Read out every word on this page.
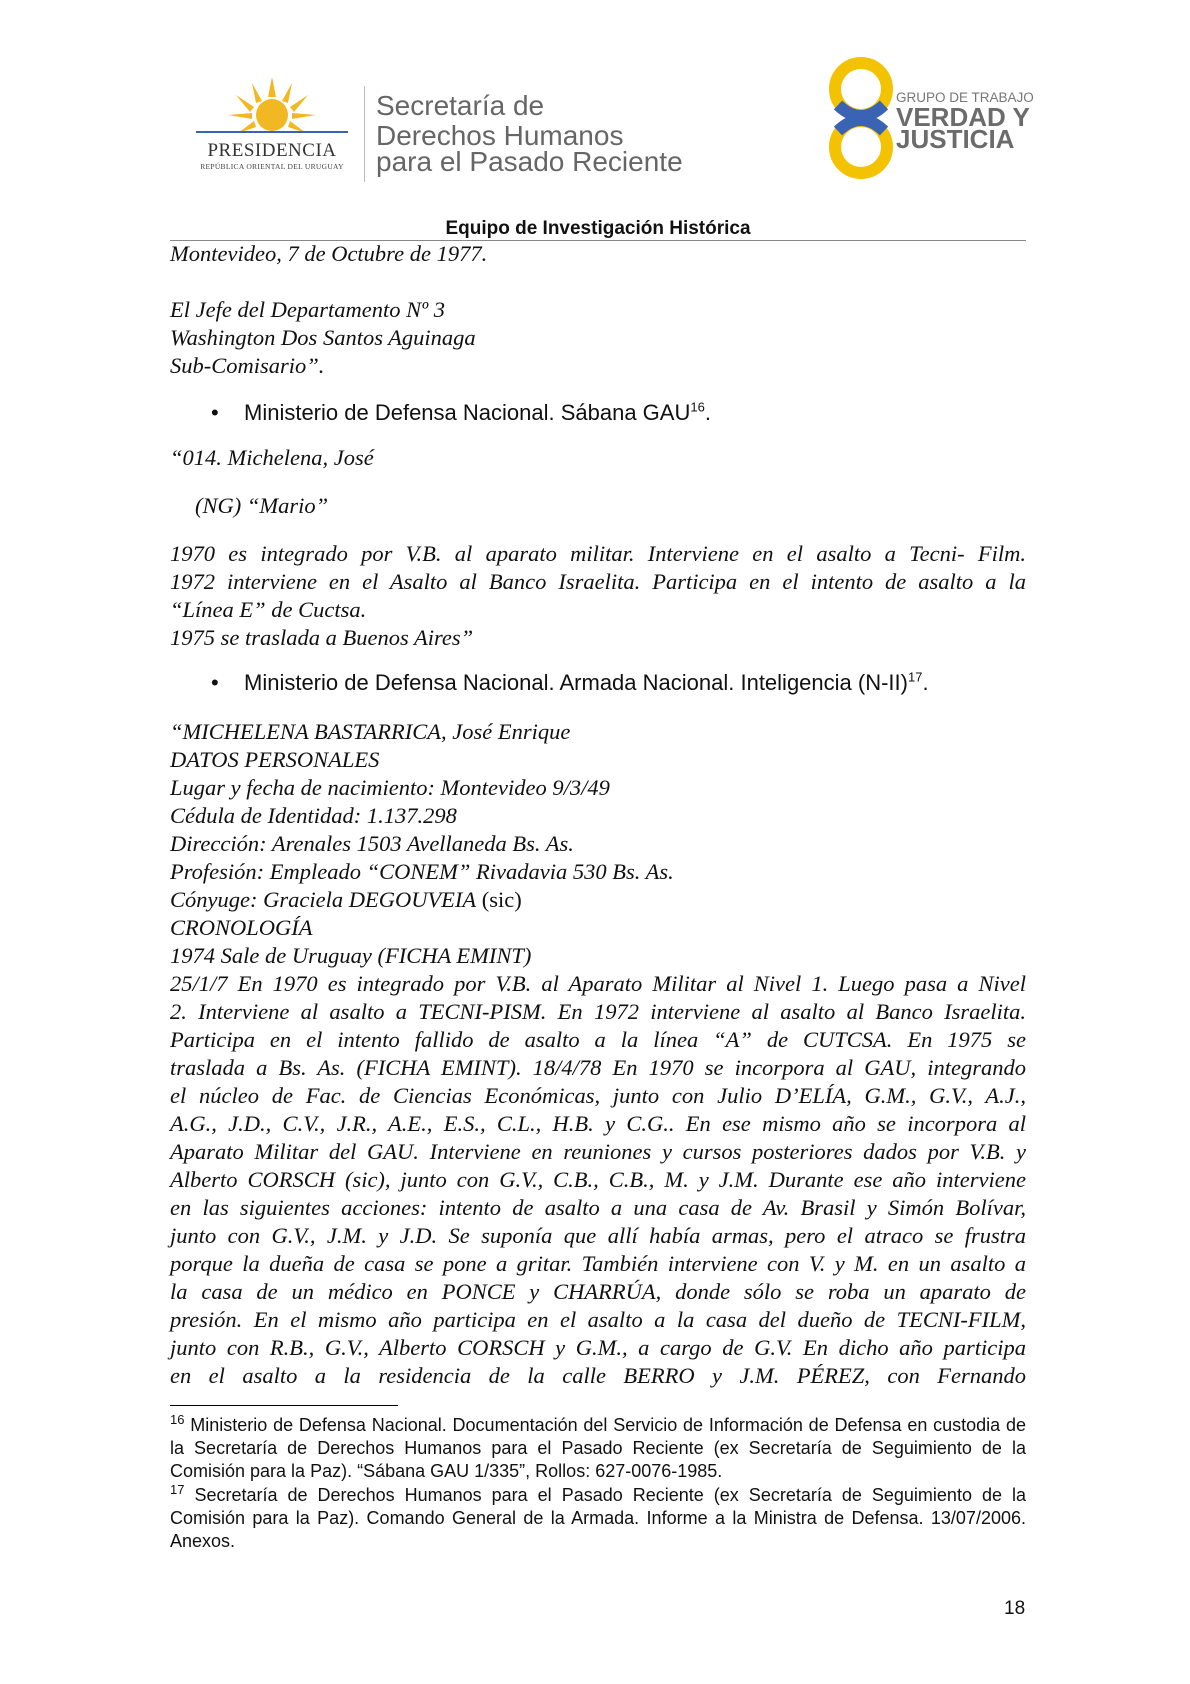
PRESIDENCIA
REPÚBLICA ORIENTAL DEL URUGUAY
Secretaría de
Derechos Humanos
para el Pasado Reciente
GRUPO DE TRABAJO
VERDAD Y
JUSTICIA
Equipo de Investigación Histórica
Montevideo, 7 de Octubre de 1977.
El Jefe del Departamento Nº 3
Washington Dos Santos Aguinaga
Sub-Comisario”.
• Ministerio de Defensa Nacional. Sábana GAU$^{16}$.
“014. Michelena, José
(NG) “Mario”
1970 es integrado por V.B. al aparato militar. Interviene en el asalto a Tecni- Film.
1972 interviene en el Asalto al Banco Israelita. Participa en el intento de asalto a la
“Línea E” de Cuctsa.
1975 se traslada a Buenos Aires”
• Ministerio de Defensa Nacional. Armada Nacional. Inteligencia $(N-II)^{17}$.
“MICHELENA BASTARRICA, José Enrique
DATOS PERSONALES
Lugar y fecha de nacimiento: Montevideo 9/3/49
Cédula de Identidad: 1.137.298
Dirección: Arenales 1503 Avellaneda Bs. As.
Profesión: Empleado “CONEM” Rivadavia 530 Bs. As.
Cónyuge: Graciela DEGOUVEIA (sic)
CRONOLOGÍA
1974 Sale de Uruguay (FICHA EMINT)
25/1/7 En 1970 es integrado por V.B. al Aparato Militar al Nivel 1. Luego pasa a Nivel
2. Interviene al asalto a TECNI-PISM. En 1972 interviene al asalto al Banco Israelita.
Participa en el intento fallido de asalto a la línea “A” de CUTCSA. En 1975 se
traslada a Bs. As. (FICHA EMINT). 18/4/78 En 1970 se incorpora al GAU, integrando
el núcleo de Fac. de Ciencias Económicas, junto con Julio D’ELÍA, G.M., G.V., A.J.,
A.G., J.D., C.V., J.R., A.E., E.S., C.L., H.B. y C.G.. En ese mismo año se incorpora al
Aparato Militar del GAU. Interviene en reuniones y cursos posteriores dados por V.B. y
Alberto CORSCH (sic), junto con G.V., C.B., C.B., M. y J.M. Durante ese año interviene
en las siguientes acciones: intento de asalto a una casa de Av. Brasil y Simón Bolívar,
junto con G.V., J.M. y J.D. Se suponía que allí había armas, pero el atraco se frustra
porque la dueña de casa se pone a gritar. También interviene con V. y M. en un asalto a
la casa de un médico en PONCE y CHARRÚA, donde sólo se roba un aparato de
presión. En el mismo año participa en el asalto a la casa del dueño de TECNI-FILM,
junto con R.B., G.V., Alberto CORSCH y G.M., a cargo de G.V. En dicho año participa
en el asalto a la residencia de la calle BERRO y J.M. PÉREZ, con Fernando
$^{16}$ Ministerio de Defensa Nacional. Documentación del Servicio de Información de Defensa en custodia de la Secretaría de Derechos Humanos para el Pasado Reciente (ex Secretaría de Seguimiento de la Comisión para la Paz). “Sábana GAU 1/335”, Rollos: 627-0076-1985.
$^{17}$ Secretaría de Derechos Humanos para el Pasado Reciente (ex Secretaría de Seguimiento de la Comisión para la Paz). Comando General de la Armada. Informe a la Ministra de Defensa. 13/07/2006. Anexos.
18
